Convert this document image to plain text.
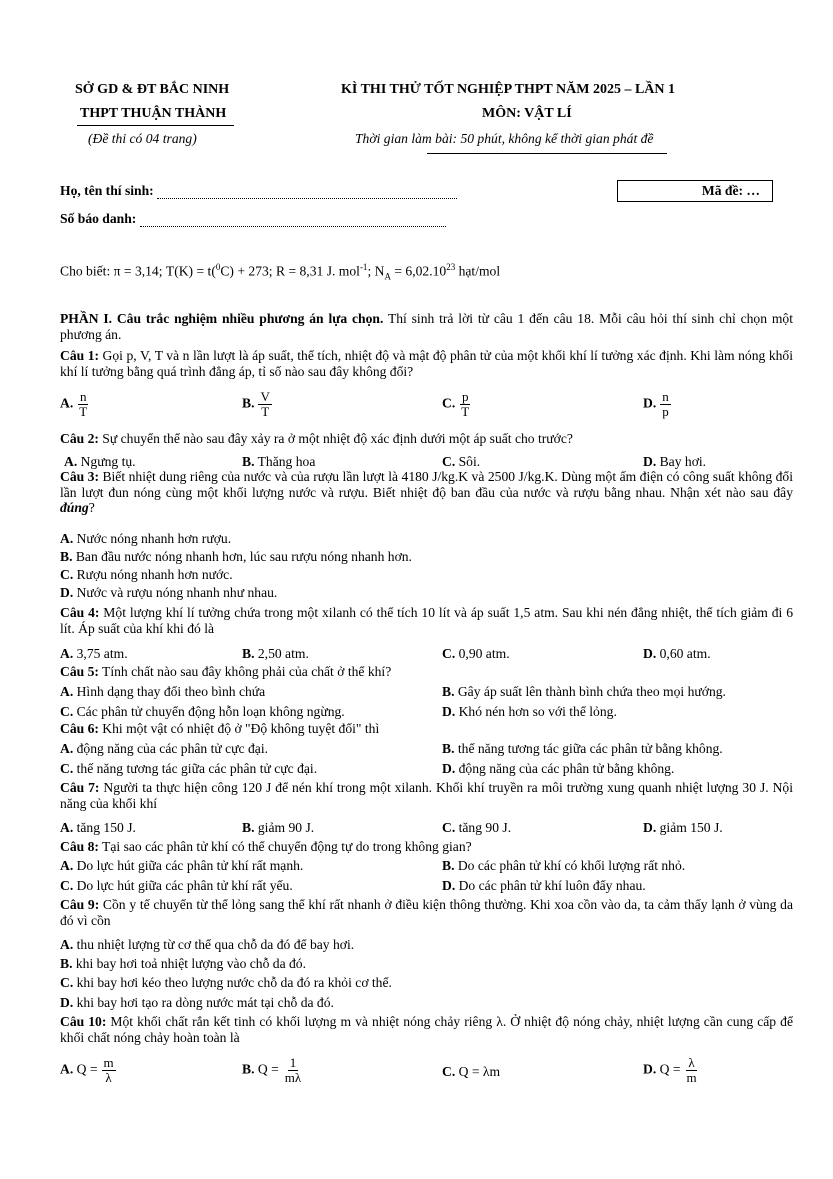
SỞ GD & ĐT BẮC NINH
THPT THUẬN THÀNH
(Đề thi có 04 trang)
KÌ THI THỬ TỐT NGHIỆP THPT NĂM 2025 – LẦN 1
MÔN: VẬT LÍ
Thời gian làm bài: 50 phút, không kể thời gian phát đề
Họ, tên thí sinh:
Số báo danh:
Mã đề: …
Cho biết: π = 3,14; T(K) = t($^0$C) + 273; R = 8,31 J. mol$^{-1}$; $N_A = 6,02.10^{23}$ hạt/mol
PHẦN I. Câu trắc nghiệm nhiều phương án lựa chọn. Thí sinh trả lời từ câu 1 đến câu 18. Mỗi câu hỏi thí sinh chỉ chọn một phương án.
Câu 1: Gọi p, V, T và n lần lượt là áp suất, thể tích, nhiệt độ và mật độ phân tử của một khối khí lí tưởng xác định. Khi làm nóng khối khí lí tưởng bằng quá trình đẳng áp, tỉ số nào sau đây không đổi?
A. $\frac{n}{T}$	B. $\frac{V}{T}$	C. $\frac{p}{T}$	D. $\frac{n}{p}$
Câu 2: Sự chuyển thể nào sau đây xảy ra ở một nhiệt độ xác định dưới một áp suất cho trước?
A. Ngưng tụ.	B. Thăng hoa	C. Sôi.	D. Bay hơi.
Câu 3: Biết nhiệt dung riêng của nước và của rượu lần lượt là 4180 J/kg.K và 2500 J/kg.K. Dùng một ấm điện có công suất không đổi lần lượt đun nóng cùng một khối lượng nước và rượu. Biết nhiệt độ ban đầu của nước và rượu bằng nhau. Nhận xét nào sau đây đúng?
A. Nước nóng nhanh hơn rượu.
B. Ban đầu nước nóng nhanh hơn, lúc sau rượu nóng nhanh hơn.
C. Rượu nóng nhanh hơn nước.
D. Nước và rượu nóng nhanh như nhau.
Câu 4: Một lượng khí lí tưởng chứa trong một xilanh có thể tích 10 lít và áp suất 1,5 atm. Sau khi nén đẳng nhiệt, thể tích giảm đi 6 lít. Áp suất của khí khi đó là
A. 3,75 atm.	B. 2,50 atm.	C. 0,90 atm.	D. 0,60 atm.
Câu 5: Tính chất nào sau đây không phải của chất ở thể khí?
A. Hình dạng thay đổi theo bình chứa	B. Gây áp suất lên thành bình chứa theo mọi hướng.
C. Các phân tử chuyển động hỗn loạn không ngừng.	D. Khó nén hơn so với thể lỏng.
Câu 6: Khi một vật có nhiệt độ ở "Độ không tuyệt đối" thì
A. động năng của các phân tử cực đại.	B. thế năng tương tác giữa các phân tử bằng không.
C. thế năng tương tác giữa các phân tử cực đại.	D. động năng của các phân tử bằng không.
Câu 7: Người ta thực hiện công 120 J để nén khí trong một xilanh. Khối khí truyền ra môi trường xung quanh nhiệt lượng 30 J. Nội năng của khối khí
A. tăng 150 J.	B. giảm 90 J.	C. tăng 90 J.	D. giảm 150 J.
Câu 8: Tại sao các phân tử khí có thể chuyển động tự do trong không gian?
A. Do lực hút giữa các phân tử khí rất mạnh.	B. Do các phân tử khí có khối lượng rất nhỏ.
C. Do lực hút giữa các phân tử khí rất yếu.	D. Do các phân tử khí luôn đẩy nhau.
Câu 9: Cồn y tế chuyển từ thể lỏng sang thể khí rất nhanh ở điều kiện thông thường. Khi xoa cồn vào da, ta cảm thấy lạnh ở vùng da đó vì cồn
A. thu nhiệt lượng từ cơ thể qua chỗ da đó để bay hơi.
B. khi bay hơi toả nhiệt lượng vào chỗ da đó.
C. khi bay hơi kéo theo lượng nước chỗ da đó ra khỏi cơ thể.
D. khi bay hơi tạo ra dòng nước mát tại chỗ da đó.
Câu 10: Một khối chất rắn kết tinh có khối lượng m và nhiệt nóng chảy riêng λ. Ở nhiệt độ nóng chảy, nhiệt lượng cần cung cấp để khối chất nóng chảy hoàn toàn là
A. $Q = \frac{m}{\lambda}$	B. $Q = \frac{1}{m\lambda}$	C. Q = λm	D. $Q = \frac{\lambda}{m}$
